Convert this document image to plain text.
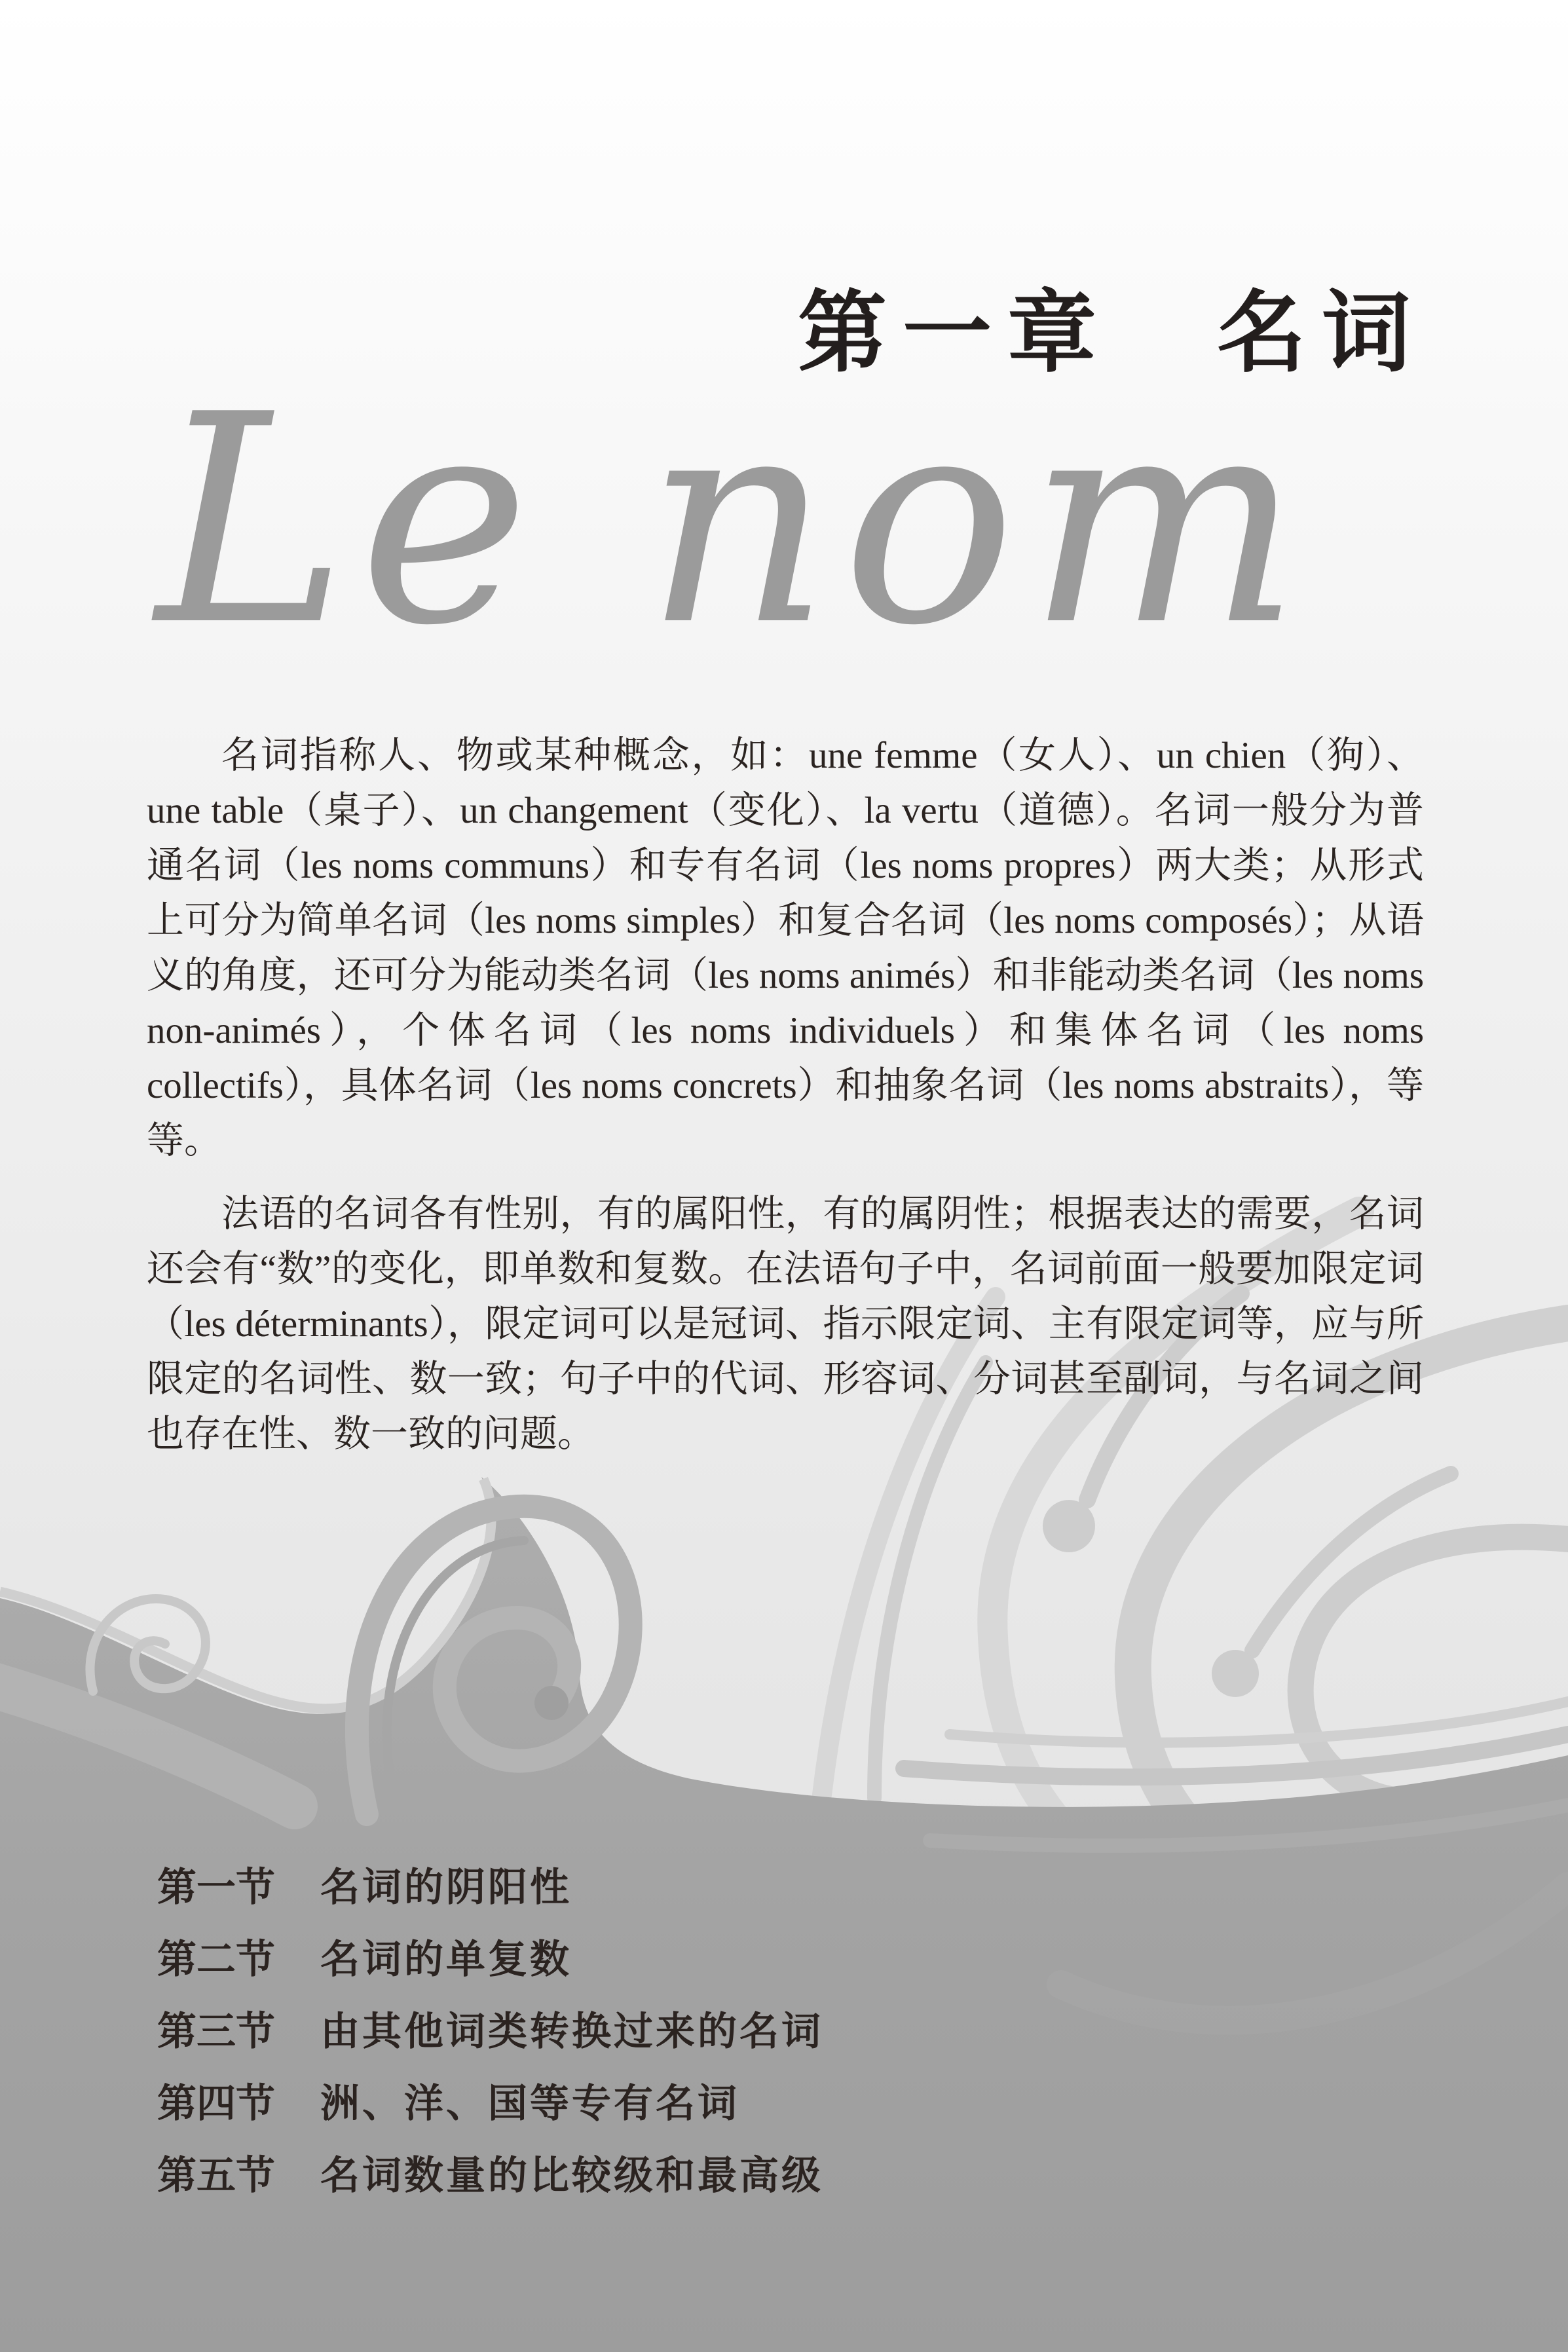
第一章　名词
Le nom

名词指称人、物或某种概念，如：une femme（女人）、un chien（狗）、une table（桌子）、un changement（变化）、la vertu（道德）。名词一般分为普通名词（les noms communs）和专有名词（les noms propres）两大类；从形式上可分为简单名词（les noms simples）和复合名词（les noms composés）；从语义的角度，还可分为能动类名词（les noms animés）和非能动类名词（les noms non-animés），个体名词（les noms individuels）和集体名词（les noms collectifs），具体名词（les noms concrets）和抽象名词（les noms abstraits），等等。

法语的名词各有性别，有的属阳性，有的属阴性；根据表达的需要，名词还会有“数”的变化，即单数和复数。在法语句子中，名词前面一般要加限定词（les déterminants），限定词可以是冠词、指示限定词、主有限定词等，应与所限定的名词性、数一致；句子中的代词、形容词、分词甚至副词，与名词之间也存在性、数一致的问题。

第一节 名词的阴阳性
第二节 名词的单复数
第三节 由其他词类转换过来的名词
第四节 洲、洋、国等专有名词
第五节 名词数量的比较级和最高级
